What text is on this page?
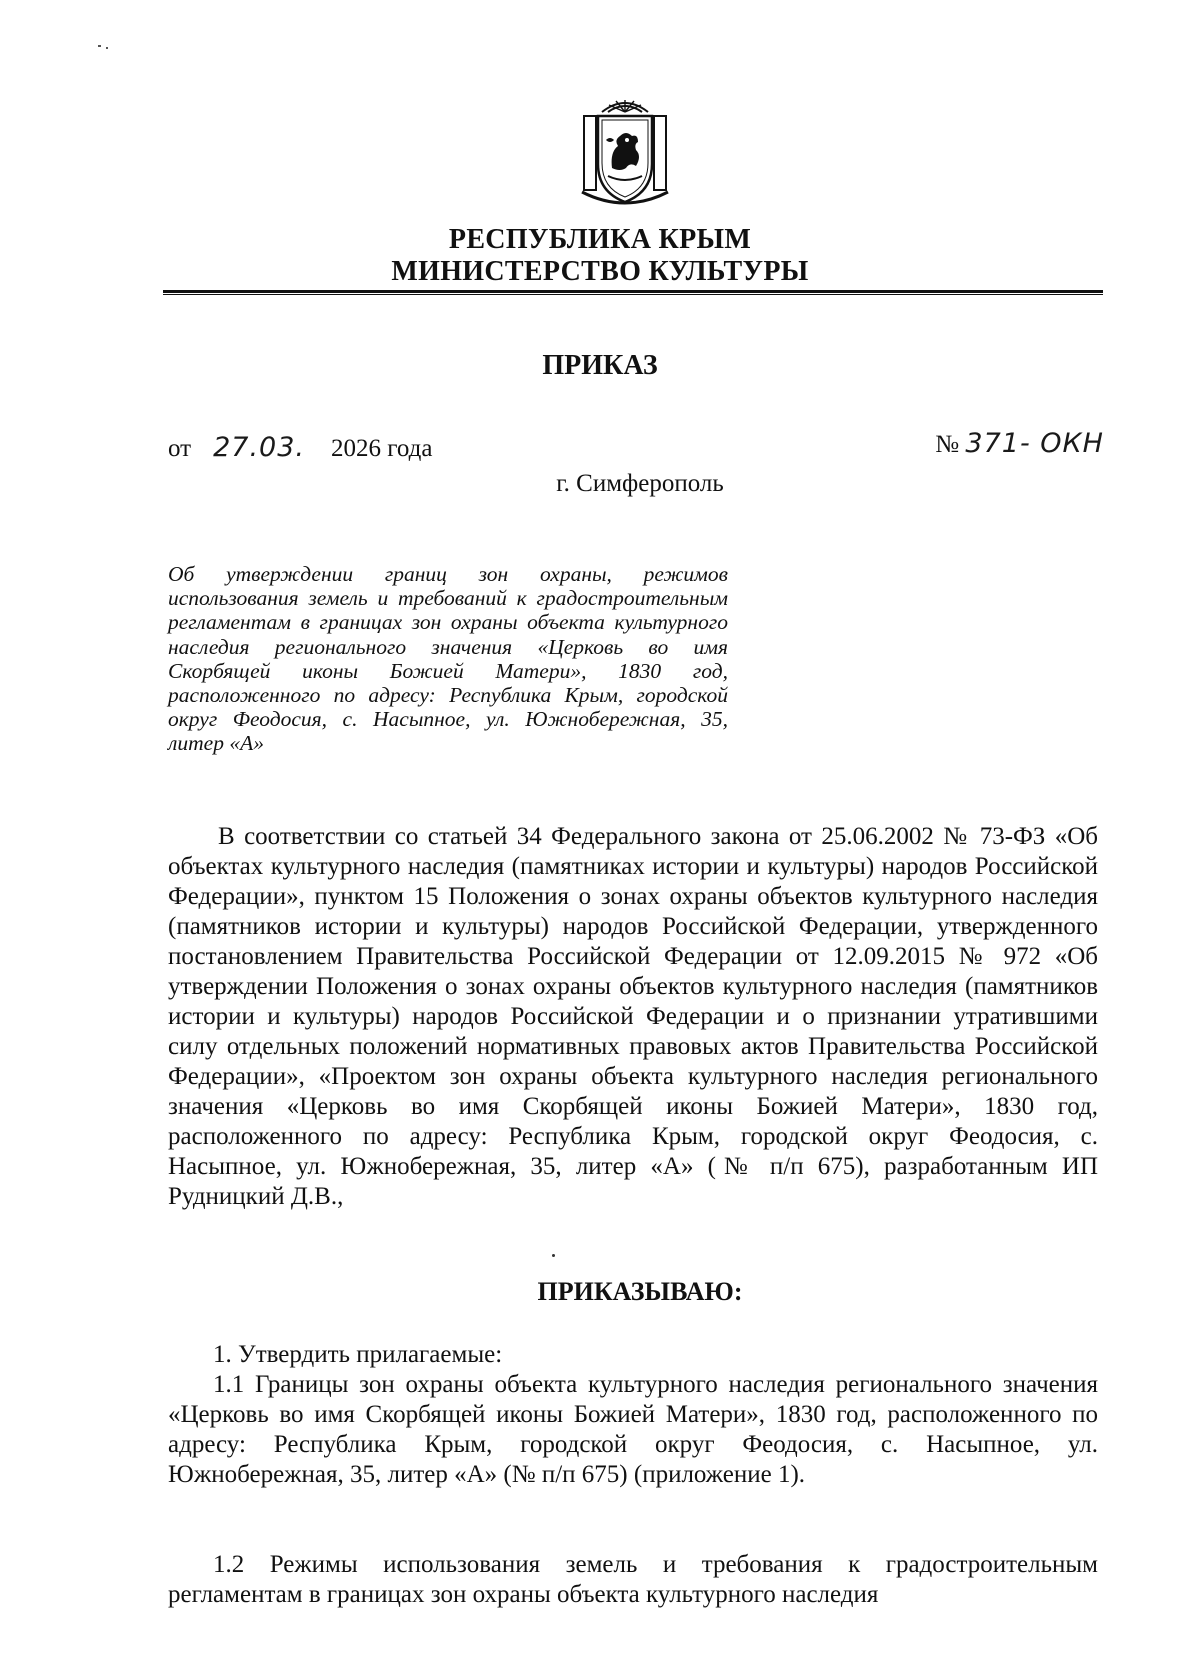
РЕСПУБЛИКА КРЫМ
МИНИСТЕРСТВО КУЛЬТУРЫ
ПРИКАЗ
от 27.03. 2026 года	№ 371- ОКН
г. Симферополь
Об утверждении границ зон охраны, режимов использования земель и требований к градостроительным регламентам в границах зон охраны объекта культурного наследия регионального значения «Церковь во имя Скорбящей иконы Божией Матери», 1830 год, расположенного по адресу: Республика Крым, городской округ Феодосия, с. Насыпное, ул. Южнобережная, 35, литер «А»
В соответствии со статьей 34 Федерального закона от 25.06.2002 № 73-ФЗ «Об объектах культурного наследия (памятниках истории и культуры) народов Российской Федерации», пунктом 15 Положения о зонах охраны объектов культурного наследия (памятников истории и культуры) народов Российской Федерации, утвержденного постановлением Правительства Российской Федерации от 12.09.2015 № 972 «Об утверждении Положения о зонах охраны объектов культурного наследия (памятников истории и культуры) народов Российской Федерации и о признании утратившими силу отдельных положений нормативных правовых актов Правительства Российской Федерации», «Проектом зон охраны объекта культурного наследия регионального значения «Церковь во имя Скорбящей иконы Божией Матери», 1830 год, расположенного по адресу: Республика Крым, городской округ Феодосия, с. Насыпное, ул. Южнобережная, 35, литер «А» (№ п/п 675), разработанным ИП Рудницкий Д.В.,
ПРИКАЗЫВАЮ:
1. Утвердить прилагаемые:
1.1 Границы зон охраны объекта культурного наследия регионального значения «Церковь во имя Скорбящей иконы Божией Матери», 1830 год, расположенного по адресу: Республика Крым, городской округ Феодосия, с. Насыпное, ул. Южнобережная, 35, литер «А» (№ п/п 675) (приложение 1).
1.2 Режимы использования земель и требования к градостроительным регламентам в границах зон охраны объекта культурного наследия
